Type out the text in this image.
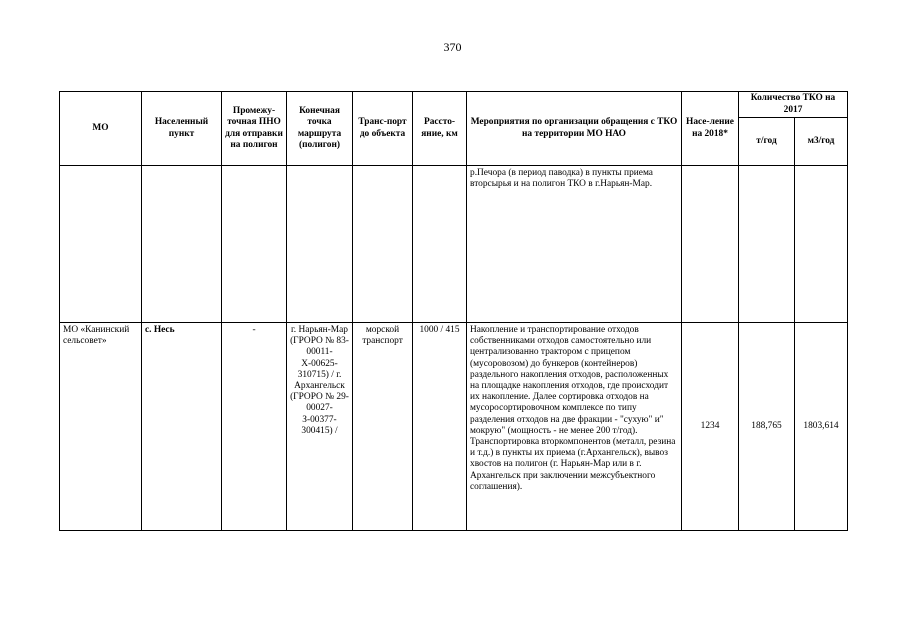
370
МО	Населенный пункт	Промежу-точная ПНО для отправки на полигон	Конечная точка маршрута (полигон)	Транс-порт до объекта	Рассто-яние, км	Мероприятия по организации обращения с ТКО на территории МО НАО	Насе-ление на 2018*	Количество ТКО на 2017	
								т/год	м3/год
						р.Печора (в период паводка) в пункты приема вторсырья и на полигон ТКО в г.Нарьян-Мар.			
МО «Канинский сельсовет»	с. Несь	-	г. Нарьян-Мар (ГРОРО № 83-00011-Х-00625-310715) / г. Архангельск (ГРОРО № 29-00027-З-00377-300415) /	морской транспорт	1000 / 415	Накопление и транспортирование отходов собственниками отходов самостоятельно или централизованно трактором с прицепом (мусоровозом) до бункеров (контейнеров) раздельного накопления отходов, расположенных на площадке накопления отходов, где происходит их накопление. Далее сортировка отходов на мусоросортировочном комплексе по типу разделения отходов на две фракции - "сухую" и" мокрую" (мощность - не менее 200 т/год). Транспортировка вторкомпонентов (металл, резина и т.д.) в пункты их приема (г.Архангельск), вывоз хвостов на полигон (г. Нарьян-Мар или в г. Архангельск при заключении межсубъектного соглашения).	1234	188,765	1803,614
